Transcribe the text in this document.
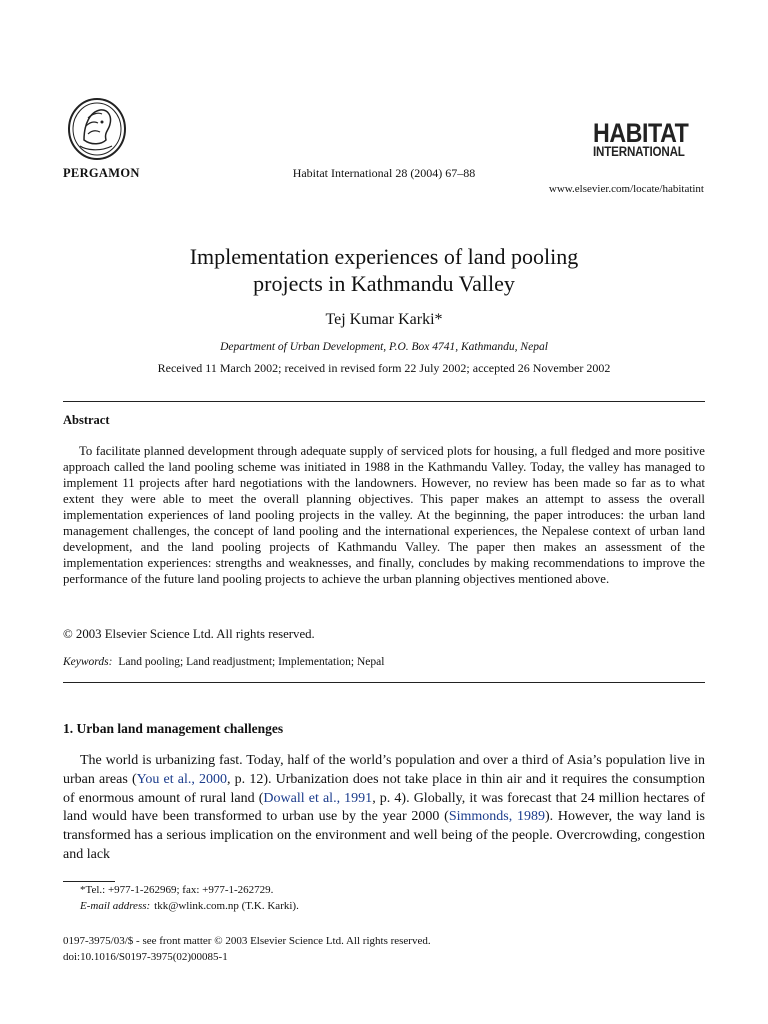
PERGAMON	Habitat International 28 (2004) 67–88
HABITAT
INTERNATIONAL
www.elsevier.com/locate/habitatint
Implementation experiences of land pooling
projects in Kathmandu Valley
Tej Kumar Karki*
Department of Urban Development, P.O. Box 4741, Kathmandu, Nepal
Received 11 March 2002; received in revised form 22 July 2002; accepted 26 November 2002
Abstract

To facilitate planned development through adequate supply of serviced plots for housing, a full fledged and more positive approach called the land pooling scheme was initiated in 1988 in the Kathmandu Valley. Today, the valley has managed to implement 11 projects after hard negotiations with the landowners. However, no review has been made so far as to what extent they were able to meet the overall planning objectives. This paper makes an attempt to assess the overall implementation experiences of land pooling projects in the valley. At the beginning, the paper introduces: the urban land management challenges, the concept of land pooling and the international experiences, the Nepalese context of urban land development, and the land pooling projects of Kathmandu Valley. The paper then makes an assessment of the implementation experiences: strengths and weaknesses, and finally, concludes by making recommendations to improve the performance of the future land pooling projects to achieve the urban planning objectives mentioned above.

© 2003 Elsevier Science Ltd. All rights reserved.
Keywords: Land pooling; Land readjustment; Implementation; Nepal
1. Urban land management challenges

The world is urbanizing fast. Today, half of the world’s population and over a third of Asia’s population live in urban areas (You et al., 2000, p. 12). Urbanization does not take place in thin air and it requires the consumption of enormous amount of rural land (Dowall et al., 1991, p. 4). Globally, it was forecast that 24 million hectares of land would have been transformed to urban use by the year 2000 (Simmonds, 1989). However, the way land is transformed has a serious implication on the environment and well being of the people. Overcrowding, congestion and lack

*Tel.: +977-1-262969; fax: +977-1-262729.
E-mail address: tkk@wlink.com.np (T.K. Karki).
0197-3975/03/$ - see front matter © 2003 Elsevier Science Ltd. All rights reserved.
doi:10.1016/S0197-3975(02)00085-1
